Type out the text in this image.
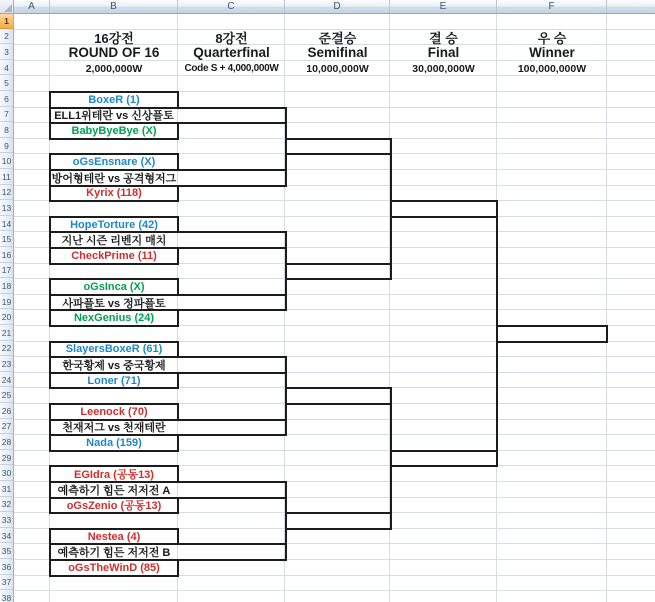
16강전
ROUND OF 16
2,000,000W
8강전
Quarterfinal
Code S + 4,000,000W
준결승
Semifinal
10,000,000W
결 승
Final
30,000,000W
우 승
Winner
100,000,000W
BoxeR (1)
ELL1위테란 vs 신상플토
BabyByeBye (X)
oGsEnsnare (X)
방어형테란 vs 공격형저그
Kyrix (118)
HopeTorture (42)
지난 시즌 리벤지 매치
CheckPrime (11)
oGsInca (X)
사파플토 vs 정파플토
NexGenius (24)
SlayersBoxeR (61)
한국황제 vs 중국황제
Loner (71)
Leenock (70)
천재저그 vs 천재테란
Nada (159)
EGIdra (공동13)
예측하기 힘든 저저전 A
oGsZenio (공동13)
Nestea (4)
예측하기 힘든 저저전 B
oGsTheWinD (85)
A	B	C	D	E	F
1
2
3
4
5
6
7
8
9
10
11
12
13
14
15
16
17
18
19
20
21
22
23
24
25
26
27
28
29
30
31
32
33
34
35
36
37
38
